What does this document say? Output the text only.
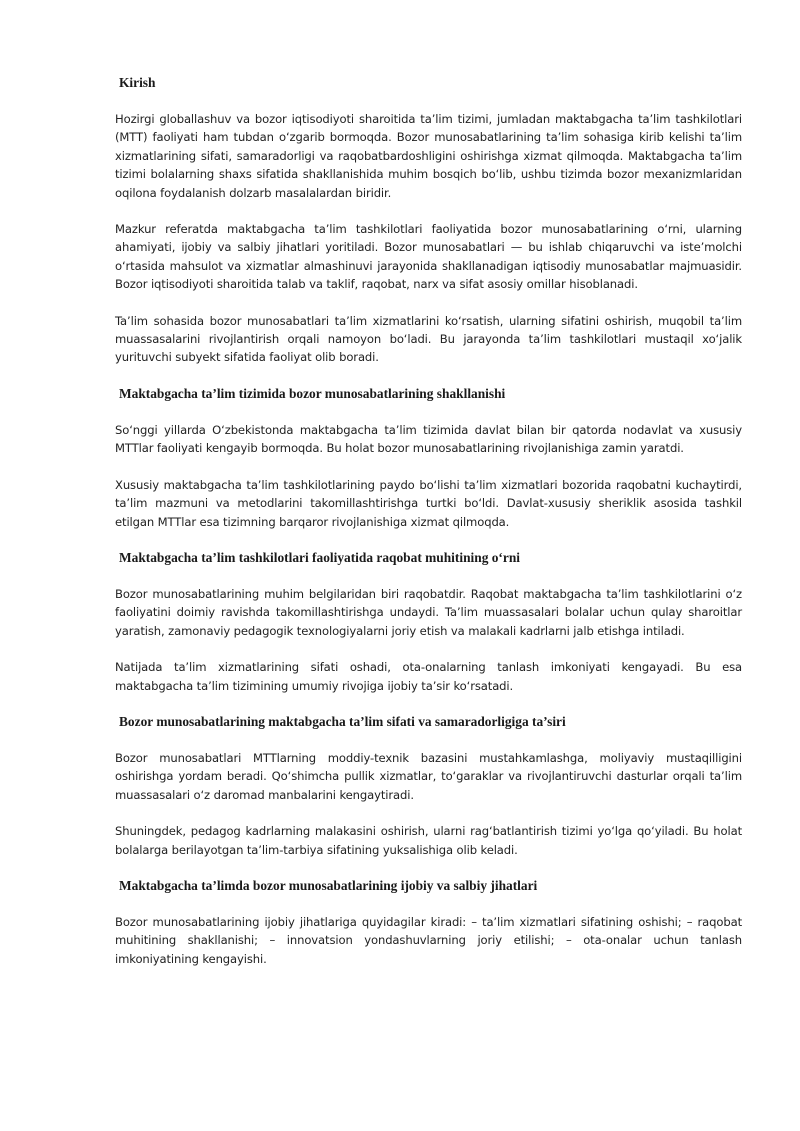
Kirish

Hozirgi globallashuv va bozor iqtisodiyoti sharoitida ta’lim tizimi, jumladan maktabgacha ta’lim tashkilotlari (MTT) faoliyati ham tubdan o‘zgarib bormoqda. Bozor munosabatlarining ta’lim sohasiga kirib kelishi ta’lim xizmatlarining sifati, samaradorligi va raqobatbardoshligini oshirishga xizmat qilmoqda. Maktabgacha ta’lim tizimi bolalarning shaxs sifatida shakllanishida muhim bosqich bo‘lib, ushbu tizimda bozor mexanizmlaridan oqilona foydalanish dolzarb masalalardan biridir.

Mazkur referatda maktabgacha ta’lim tashkilotlari faoliyatida bozor munosabatlarining o‘rni, ularning ahamiyati, ijobiy va salbiy jihatlari yoritiladi. Bozor munosabatlari — bu ishlab chiqaruvchi va iste’molchi o‘rtasida mahsulot va xizmatlar almashinuvi jarayonida shakllanadigan iqtisodiy munosabatlar majmuasidir. Bozor iqtisodiyoti sharoitida talab va taklif, raqobat, narx va sifat asosiy omillar hisoblanadi.

Ta’lim sohasida bozor munosabatlari ta’lim xizmatlarini ko‘rsatish, ularning sifatini oshirish, muqobil ta’lim muassasalarini rivojlantirish orqali namoyon bo‘ladi. Bu jarayonda ta’lim tashkilotlari mustaqil xo‘jalik yurituvchi subyekt sifatida faoliyat olib boradi.

Maktabgacha ta’lim tizimida bozor munosabatlarining shakllanishi

So‘nggi yillarda O‘zbekistonda maktabgacha ta’lim tizimida davlat bilan bir qatorda nodavlat va xususiy MTTlar faoliyati kengayib bormoqda. Bu holat bozor munosabatlarining rivojlanishiga zamin yaratdi.

Xususiy maktabgacha ta’lim tashkilotlarining paydo bo‘lishi ta’lim xizmatlari bozorida raqobatni kuchaytirdi, ta’lim mazmuni va metodlarini takomillashtirishga turtki bo‘ldi. Davlat-xususiy sheriklik asosida tashkil etilgan MTTlar esa tizimning barqaror rivojlanishiga xizmat qilmoqda.

Maktabgacha ta’lim tashkilotlari faoliyatida raqobat muhitining o‘rni

Bozor munosabatlarining muhim belgilaridan biri raqobatdir. Raqobat maktabgacha ta’lim tashkilotlarini o‘z faoliyatini doimiy ravishda takomillashtirishga undaydi. Ta’lim muassasalari bolalar uchun qulay sharoitlar yaratish, zamonaviy pedagogik texnologiyalarni joriy etish va malakali kadrlarni jalb etishga intiladi.

Natijada ta’lim xizmatlarining sifati oshadi, ota-onalarning tanlash imkoniyati kengayadi. Bu esa maktabgacha ta’lim tizimining umumiy rivojiga ijobiy ta’sir ko‘rsatadi.

Bozor munosabatlarining maktabgacha ta’lim sifati va samaradorligiga ta’siri

Bozor munosabatlari MTTlarning moddiy-texnik bazasini mustahkamlashga, moliyaviy mustaqilligini oshirishga yordam beradi. Qo‘shimcha pullik xizmatlar, to‘garaklar va rivojlantiruvchi dasturlar orqali ta’lim muassasalari o‘z daromad manbalarini kengaytiradi.

Shuningdek, pedagog kadrlarning malakasini oshirish, ularni rag‘batlantirish tizimi yo‘lga qo‘yiladi. Bu holat bolalarga berilayotgan ta’lim-tarbiya sifatining yuksalishiga olib keladi.

Maktabgacha ta’limda bozor munosabatlarining ijobiy va salbiy jihatlari

Bozor munosabatlarining ijobiy jihatlariga quyidagilar kiradi: – ta’lim xizmatlari sifatining oshishi; – raqobat muhitining shakllanishi; – innovatsion yondashuvlarning joriy etilishi; – ota-onalar uchun tanlash imkoniyatining kengayishi.
